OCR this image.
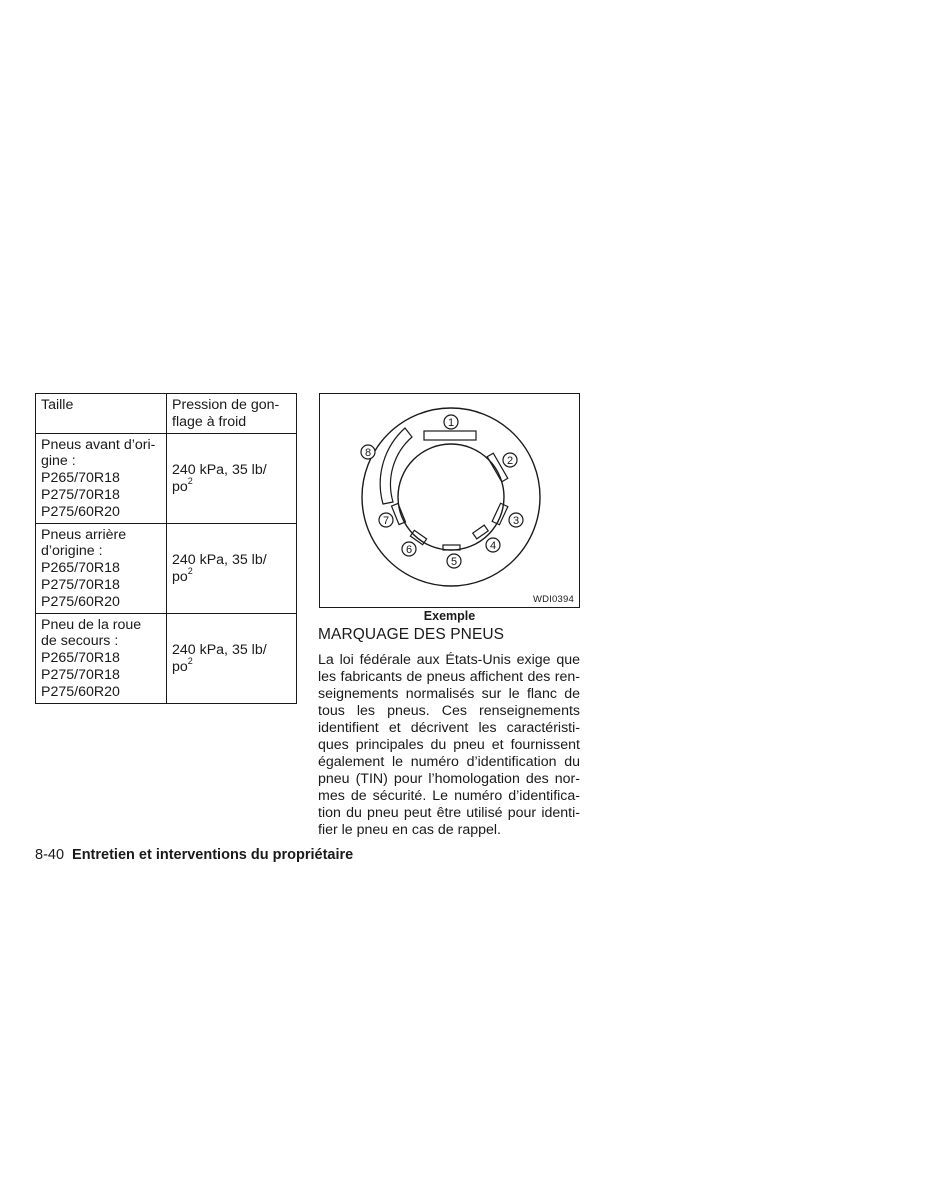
Taille	Pression de gon-
flage à froid

Pneus avant d’ori-
gine :
P265/70R18
P275/70R18
P275/60R20	240 kPa, 35 lb/
$po^2$

Pneus arrière
d’origine :
P265/70R18
P275/70R18
P275/60R20	240 kPa, 35 lb/
$po^2$

Pneu de la roue
de secours :
P265/70R18
P275/70R18
P275/60R20	240 kPa, 35 lb/
$po^2$
1
2
3
4
5
6
7
8
WDI0394
Exemple
MARQUAGE DES PNEUS
La loi fédérale aux États-Unis exige que
les fabricants de pneus affichent des ren-
seignements normalisés sur le flanc de
tous les pneus. Ces renseignements
identifient et décrivent les caractéristi-
ques principales du pneu et fournissent
également le numéro d’identification du
pneu (TIN) pour l’homologation des nor-
mes de sécurité. Le numéro d’identifica-
tion du pneu peut être utilisé pour identi-
fier le pneu en cas de rappel.
8-40 Entretien et interventions du propriétaire
